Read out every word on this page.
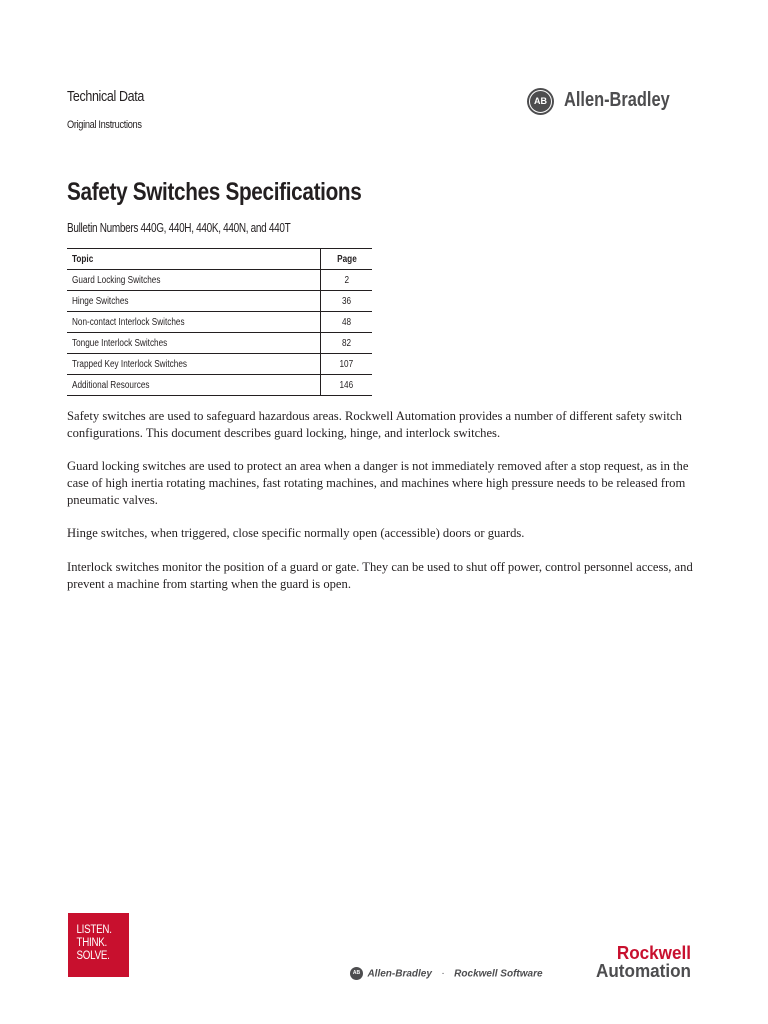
Technical Data
Original Instructions
AB Allen-Bradley
Safety Switches Specifications
Bulletin Numbers 440G, 440H, 440K, 440N, and 440T
Topic	Page
Guard Locking Switches	2
Hinge Switches	36
Non-contact Interlock Switches	48
Tongue Interlock Switches	82
Trapped Key Interlock Switches	107
Additional Resources	146

Safety switches are used to safeguard hazardous areas. Rockwell Automation provides a number of different safety switch configurations. This document describes guard locking, hinge, and interlock switches.

Guard locking switches are used to protect an area when a danger is not immediately removed after a stop request, as in the case of high inertia rotating machines, fast rotating machines, and machines where high pressure needs to be released from pneumatic valves.

Hinge switches, when triggered, close specific normally open (accessible) doors or guards.

Interlock switches monitor the position of a guard or gate. They can be used to shut off power, control personnel access, and prevent a machine from starting when the guard is open.

LISTEN.
THINK.
SOLVE.
AB Allen-Bradley · Rockwell Software
Rockwell
Automation
